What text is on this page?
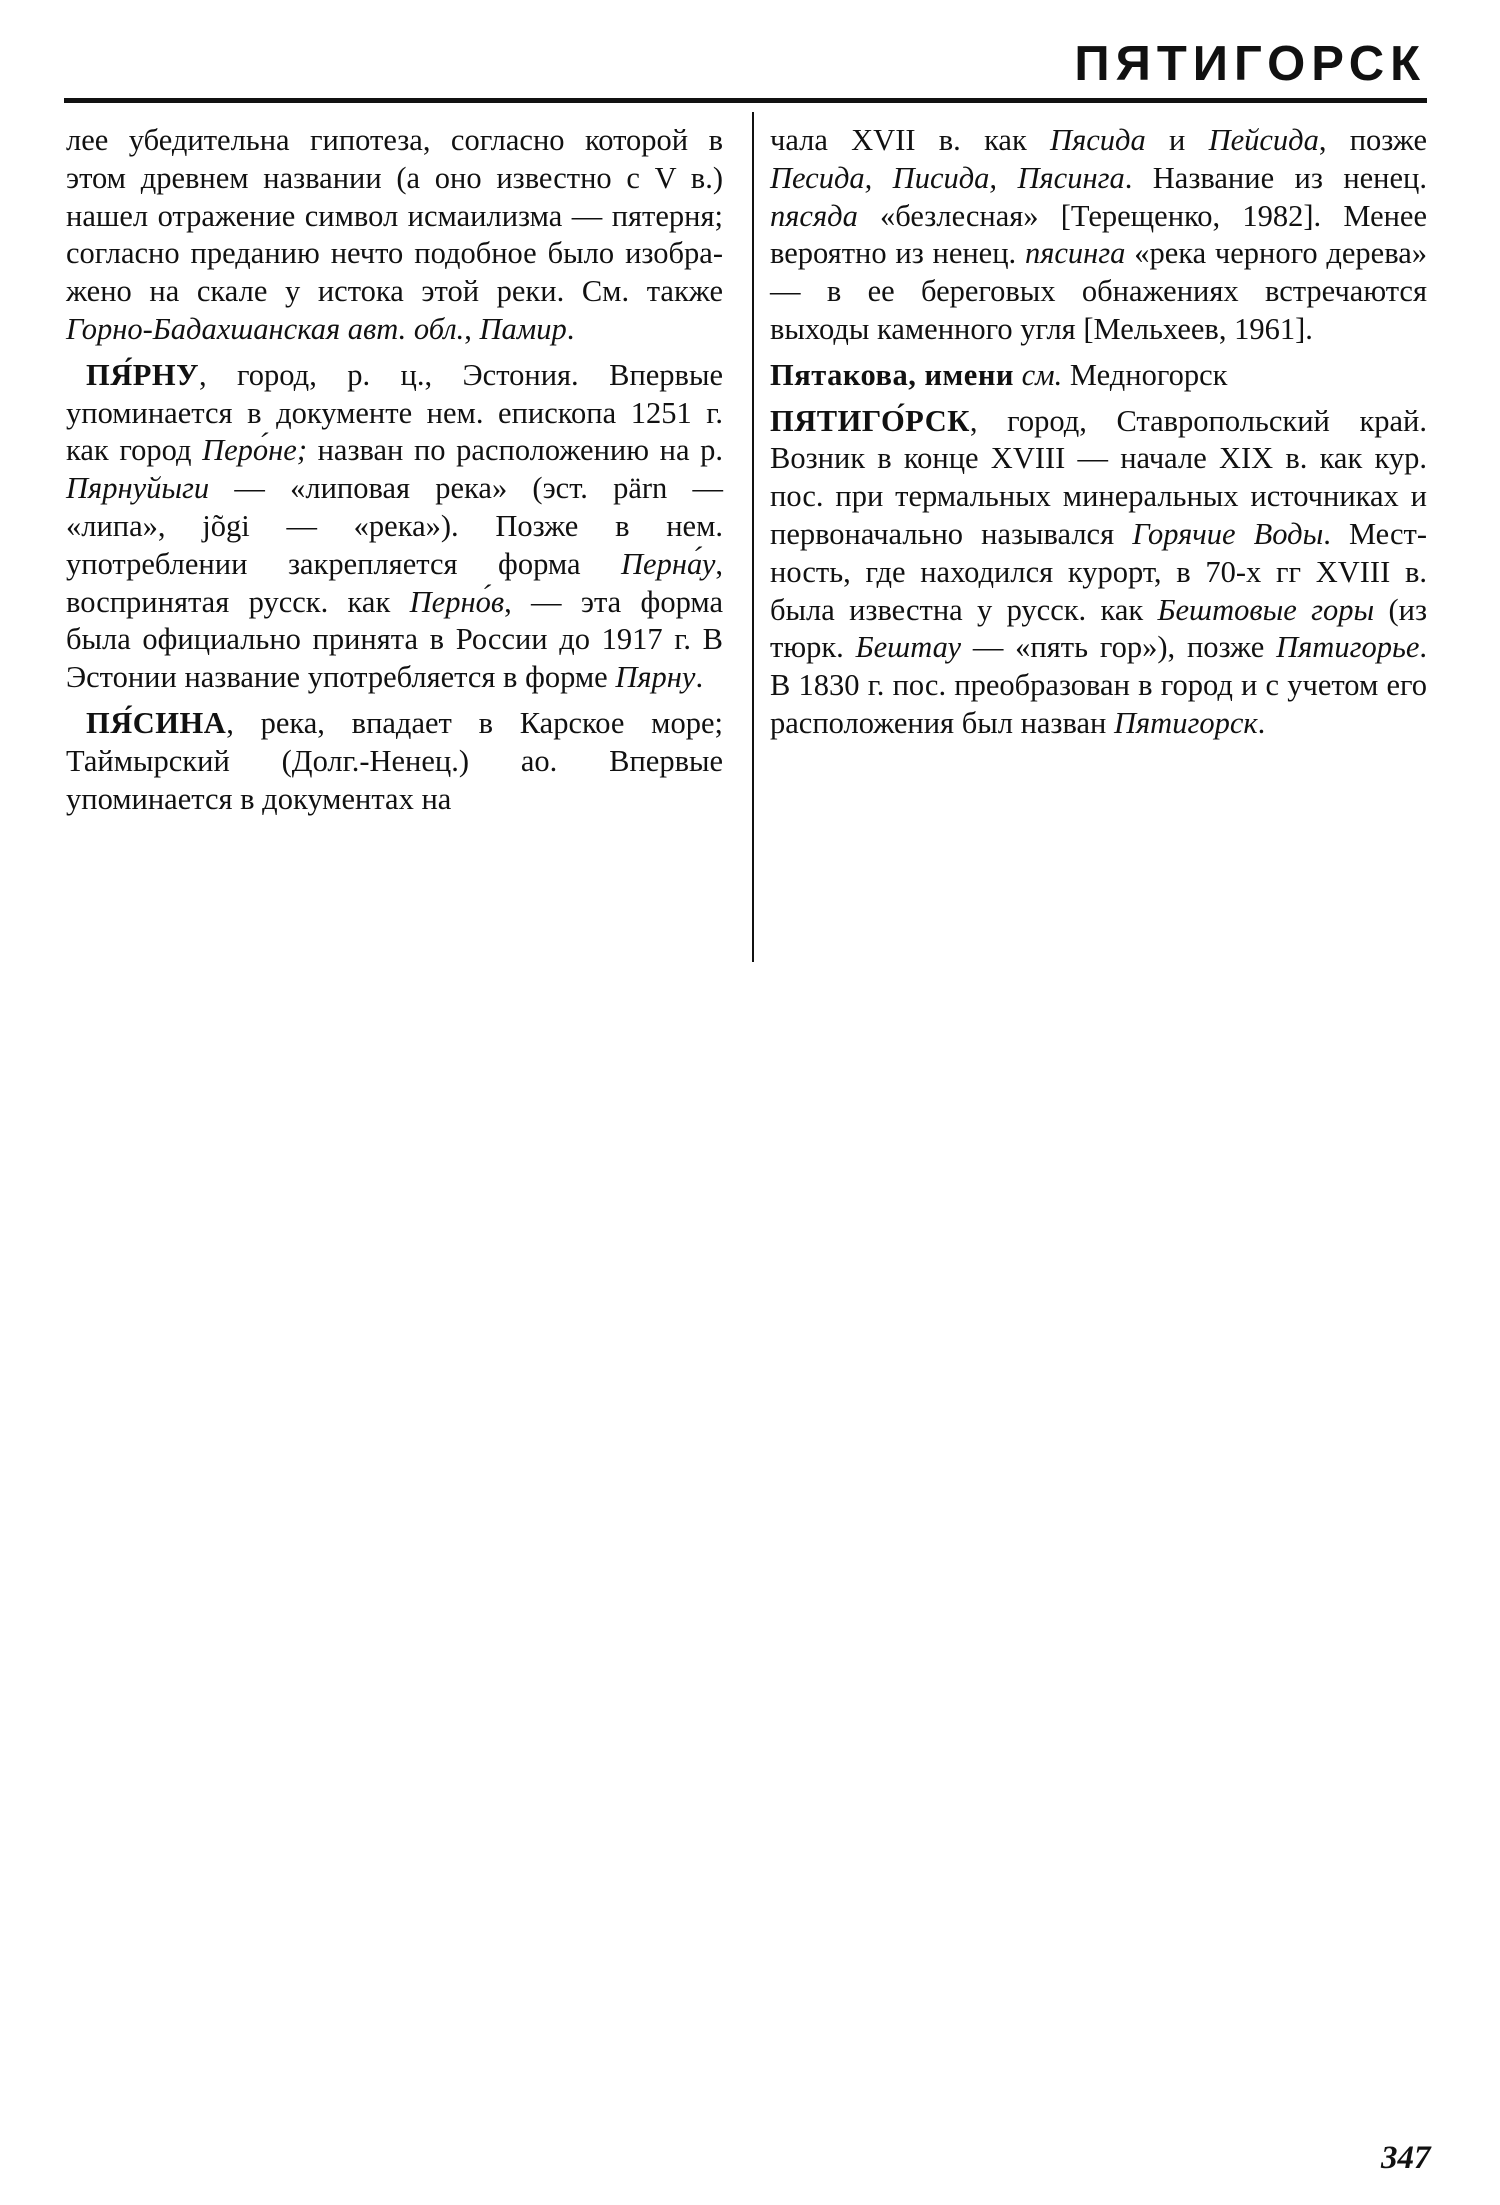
ПЯТИГОРСК

лее убедительна гипотеза, согласно которой в этом древнем названии (а оно известно с V в.) нашел отражение символ исмаилизма — пятерня; согласно преданию нечто подобное было изображено на скале у истока этой реки. См. также Горно-Бадахшанская авт. обл., Памир.

ПЯ́РНУ, город, р. ц., Эстония. Впервые упоминается в документе нем. епископа 1251 г. как город Перо́не; назван по расположению на р. Пярнуйыги — «липовая река» (эст. pärn — «липа», jõgi — «река»). Позже в нем. употреблении закрепляется форма Перна́у, воспринятая русск. как Перно́в, — эта форма была официально принята в России до 1917 г. В Эстонии название употребляется в форме Пярну.

ПЯ́СИНА, река, впадает в Карское море; Таймырский (Долг.-Ненец.) ао. Впервые упоминается в документах на

чала XVII в. как Пясида и Пейсида, позже Песида, Писида, Пясинга. Название из ненец. пясяда «безлесная» [Терещенко, 1982]. Менее вероятно из ненец. пясинга «река черного дерева» — в ее береговых обнажениях встречаются выходы каменного угля [Мельхеев, 1961].

Пятакова, имени см. Медногорск

ПЯТИГО́РСК, город, Ставропольский край. Возник в конце XVIII — начале XIX в. как кур. пос. при термальных минеральных источниках и первоначально назывался Горячие Воды. Местность, где находился курорт, в 70-х гг XVIII в. была известна у русск. как Бештовые горы (из тюрк. Бештау — «пять гор»), позже Пятигорье. В 1830 г. пос. преобразован в город и с учетом его расположения был назван Пятигорск.

347
